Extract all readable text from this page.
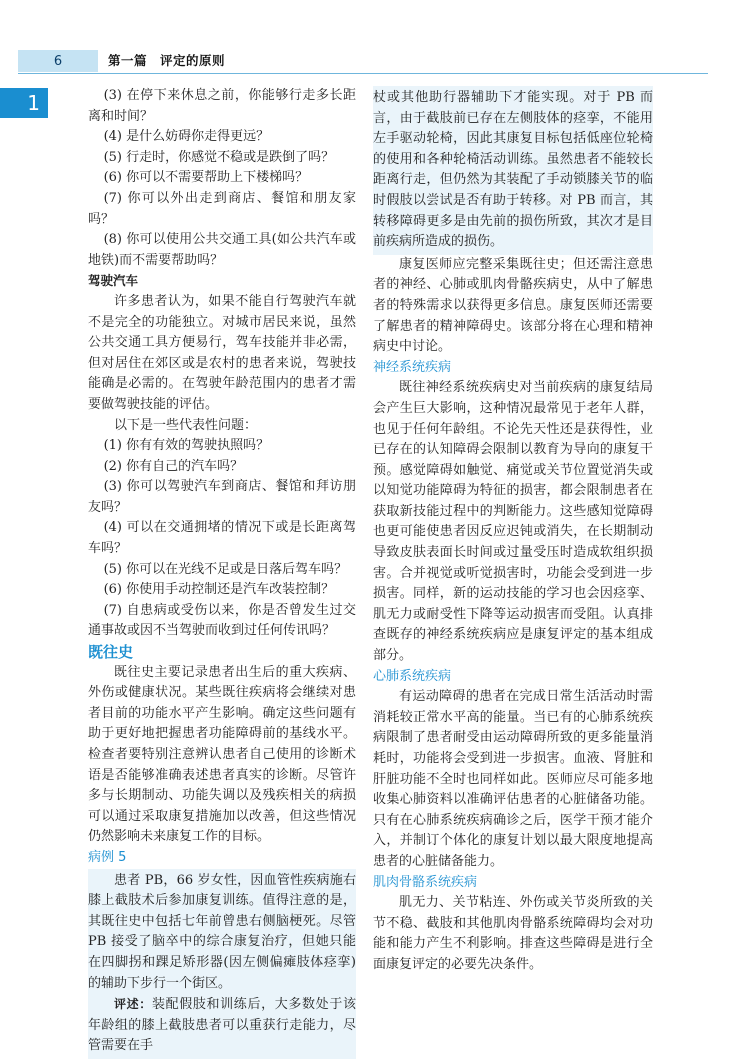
6	第一篇　评定的原则
1	(3) 在停下来休息之前，你能够行走多长距离和时间？

(4) 是什么妨碍你走得更远？

(5) 行走时，你感觉不稳或是跌倒了吗？

(6) 你可以不需要帮助上下楼梯吗？

(7) 你可以外出走到商店、餐馆和朋友家吗？

(8) 你可以使用公共交通工具(如公共汽车或地铁)而不需要帮助吗？

驾驶汽车

许多患者认为，如果不能自行驾驶汽车就不是完全的功能独立。对城市居民来说，虽然公共交通工具方便易行，驾车技能并非必需，但对居住在郊区或是农村的患者来说，驾驶技能确是必需的。在驾驶年龄范围内的患者才需要做驾驶技能的评估。

以下是一些代表性问题：

(1) 你有有效的驾驶执照吗？

(2) 你有自己的汽车吗？

(3) 你可以驾驶汽车到商店、餐馆和拜访朋友吗？

(4) 可以在交通拥堵的情况下或是长距离驾车吗？

(5) 你可以在光线不足或是日落后驾车吗？

(6) 你使用手动控制还是汽车改装控制？

(7) 自患病或受伤以来，你是否曾发生过交通事故或因不当驾驶而收到过任何传讯吗？

既往史

既往史主要记录患者出生后的重大疾病、外伤或健康状况。某些既往疾病将会继续对患者目前的功能水平产生影响。确定这些问题有助于更好地把握患者功能障碍前的基线水平。检查者要特别注意辨认患者自己使用的诊断术语是否能够准确表述患者真实的诊断。尽管许多与长期制动、功能失调以及残疾相关的病损可以通过采取康复措施加以改善，但这些情况仍然影响未来康复工作的目标。

病例 5

患者 PB，66 岁女性，因血管性疾病施右膝上截肢术后参加康复训练。值得注意的是，其既往史中包括七年前曾患右侧脑梗死。尽管 PB 接受了脑卒中的综合康复治疗，但她只能在四脚拐和踝足矫形器(因左侧偏瘫肢体痉挛)的辅助下步行一个街区。

评述：装配假肢和训练后，大多数处于该年龄组的膝上截肢患者可以重获行走能力，尽管需要在手

杖或其他助行器辅助下才能实现。对于 PB 而言，由于截肢前已存在左侧肢体的痉挛，不能用左手驱动轮椅，因此其康复目标包括低座位轮椅的使用和各种轮椅活动训练。虽然患者不能较长距离行走，但仍然为其装配了手动锁膝关节的临时假肢以尝试是否有助于转移。对 PB 而言，其转移障碍更多是由先前的损伤所致，其次才是目前疾病所造成的损伤。

康复医师应完整采集既往史；但还需注意患者的神经、心肺或肌肉骨骼疾病史，从中了解患者的特殊需求以获得更多信息。康复医师还需要了解患者的精神障碍史。该部分将在心理和精神病史中讨论。

神经系统疾病

既往神经系统疾病史对当前疾病的康复结局会产生巨大影响，这种情况最常见于老年人群，也见于任何年龄组。不论先天性还是获得性，业已存在的认知障碍会限制以教育为导向的康复干预。感觉障碍如触觉、痛觉或关节位置觉消失或以知觉功能障碍为特征的损害，都会限制患者在获取新技能过程中的判断能力。这些感知觉障碍也更可能使患者因反应迟钝或消失，在长期制动导致皮肤表面长时间或过量受压时造成软组织损害。合并视觉或听觉损害时，功能会受到进一步损害。同样，新的运动技能的学习也会因痉挛、肌无力或耐受性下降等运动损害而受阻。认真排查既存的神经系统疾病应是康复评定的基本组成部分。

心肺系统疾病

有运动障碍的患者在完成日常生活活动时需消耗较正常水平高的能量。当已有的心肺系统疾病限制了患者耐受由运动障碍所致的更多能量消耗时，功能将会受到进一步损害。血液、肾脏和肝脏功能不全时也同样如此。医师应尽可能多地收集心肺资料以准确评估患者的心脏储备功能。只有在心肺系统疾病确诊之后，医学干预才能介入，并制订个体化的康复计划以最大限度地提高患者的心脏储备能力。

肌肉骨骼系统疾病

肌无力、关节粘连、外伤或关节炎所致的关节不稳、截肢和其他肌肉骨骼系统障碍均会对功能和能力产生不利影响。排查这些障碍是进行全面康复评定的必要先决条件。
